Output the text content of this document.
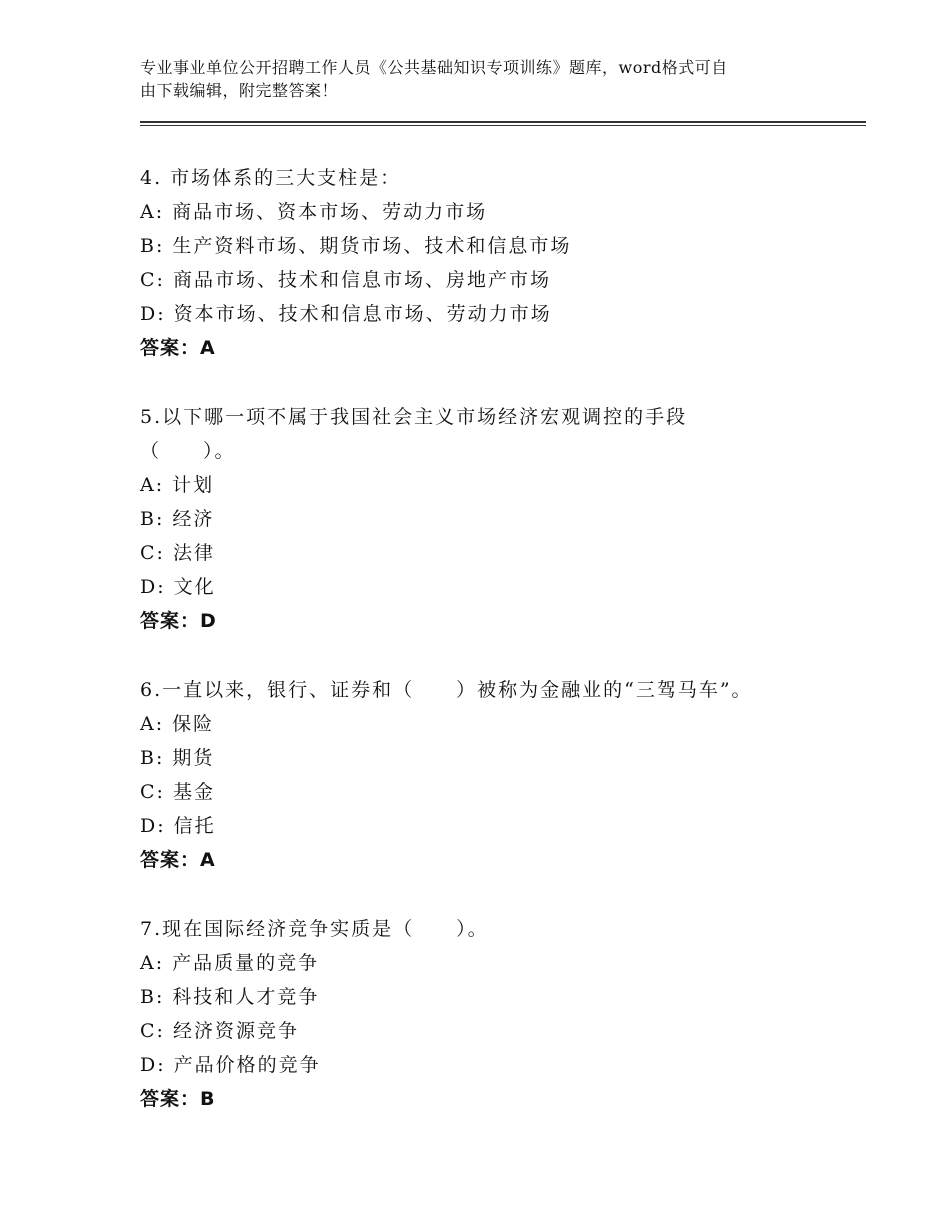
专业事业单位公开招聘工作人员《公共基础知识专项训练》题库，word格式可自
由下载编辑，附完整答案！
4. 市场体系的三大支柱是：
A: 商品市场、资本市场、劳动力市场
B: 生产资料市场、期货市场、技术和信息市场
C: 商品市场、技术和信息市场、房地产市场
D: 资本市场、技术和信息市场、劳动力市场
答案：A
5.以下哪一项不属于我国社会主义市场经济宏观调控的手段
（　　）。
A: 计划
B: 经济
C: 法律
D: 文化
答案：D
6.一直以来，银行、证券和（　　）被称为金融业的“三驾马车”。
A: 保险
B: 期货
C: 基金
D: 信托
答案：A
7.现在国际经济竞争实质是（　　）。
A: 产品质量的竞争
B: 科技和人才竞争
C: 经济资源竞争
D: 产品价格的竞争
答案：B
